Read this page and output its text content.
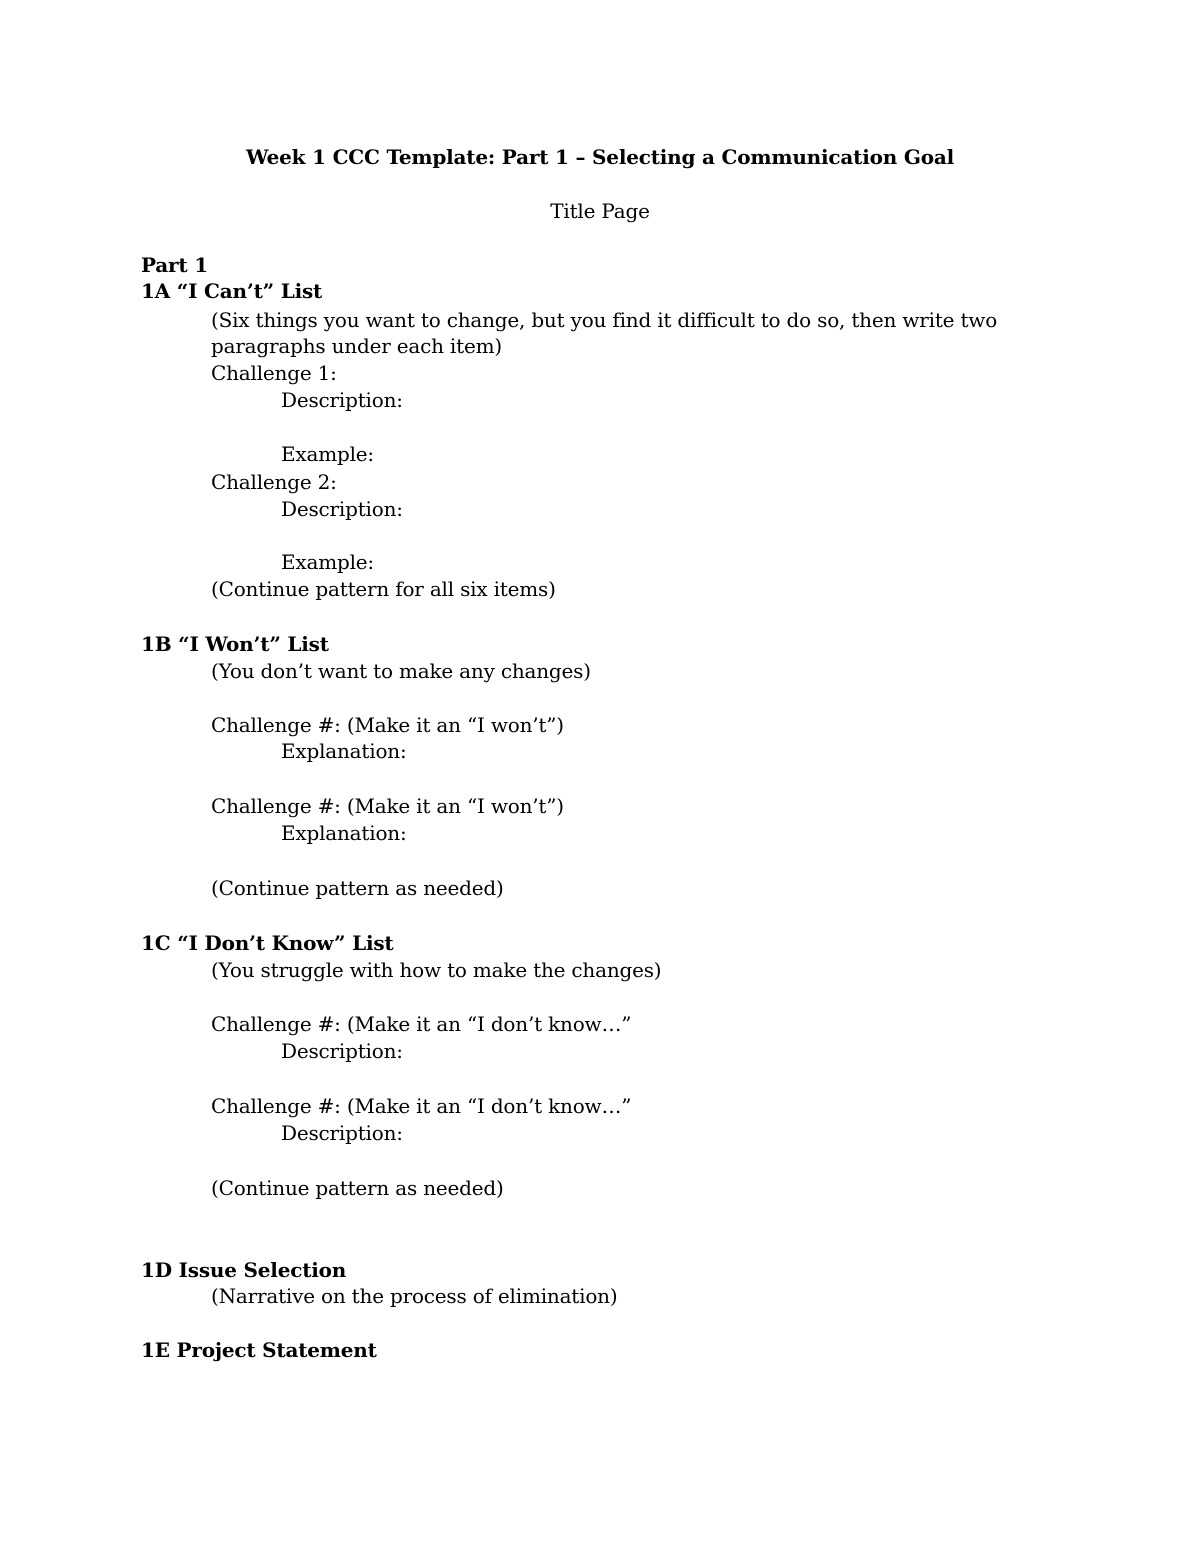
Week 1 CCC Template: Part 1 – Selecting a Communication Goal
Title Page
Part 1
1A “I Can’t” List
(Six things you want to change, but you find it difficult to do so, then write two
paragraphs under each item)
Challenge 1:
Description:
Example:
Challenge 2:
Description:
Example:
(Continue pattern for all six items)
1B “I Won’t” List
(You don’t want to make any changes)
Challenge #: (Make it an “I won’t”)
Explanation:
Challenge #: (Make it an “I won’t”)
Explanation:
(Continue pattern as needed)
1C “I Don’t Know” List
(You struggle with how to make the changes)
Challenge #: (Make it an “I don’t know…”
Description:
Challenge #: (Make it an “I don’t know…”
Description:
(Continue pattern as needed)
1D Issue Selection
(Narrative on the process of elimination)
1E Project Statement
